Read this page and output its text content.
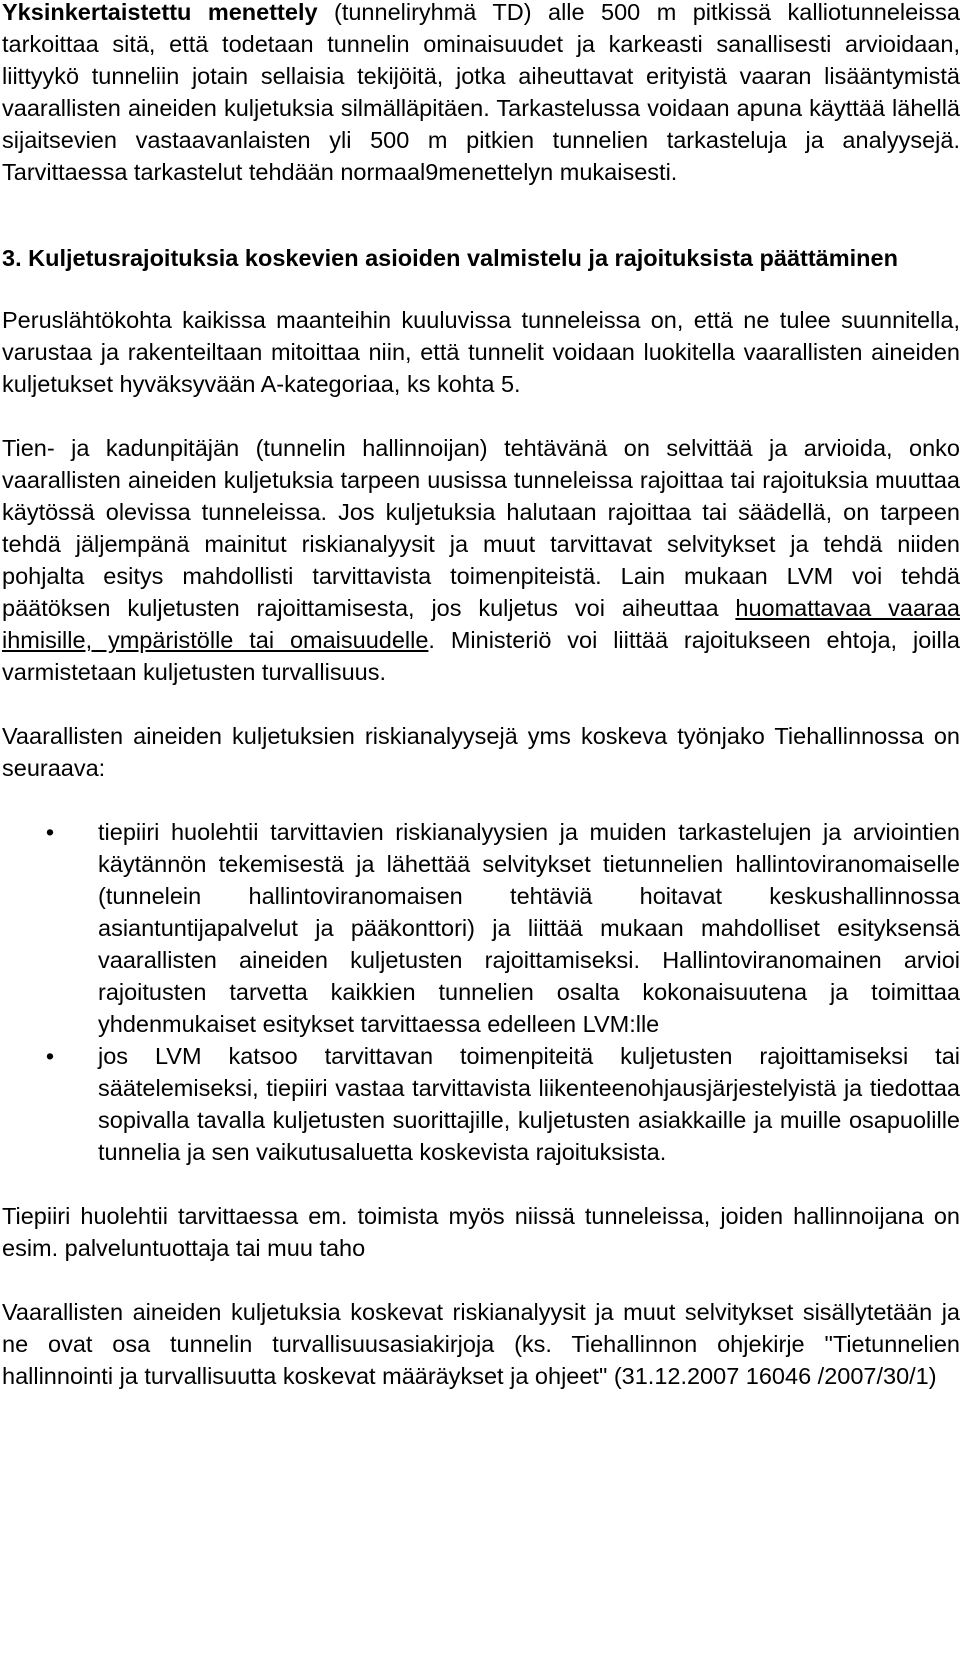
Yksinkertaistettu menettely (tunneliryhmä TD) alle 500 m pitkissä kalliotunneleissa tarkoittaa sitä, että todetaan tunnelin ominaisuudet ja karkeasti sanallisesti arvioidaan, liittyykö tunneliin jotain sellaisia tekijöitä, jotka aiheuttavat erityistä vaaran lisääntymistä vaarallisten aineiden kuljetuksia silmälläpitäen. Tarkastelussa voidaan apuna käyttää lähellä sijaitsevien vastaavanlaisten yli 500 m pitkien tunnelien tarkasteluja ja analyysejä. Tarvittaessa tarkastelut tehdään normaal9menettelyn mukaisesti.

3. Kuljetusrajoituksia koskevien asioiden valmistelu ja rajoituksista päättäminen

Peruslähtökohta kaikissa maanteihin kuuluvissa tunneleissa on, että ne tulee suunnitella, varustaa ja rakenteiltaan mitoittaa niin, että tunnelit voidaan luokitella vaarallisten aineiden kuljetukset hyväksyvään A-kategoriaa, ks kohta 5.

Tien- ja kadunpitäjän (tunnelin hallinnoijan) tehtävänä on selvittää ja arvioida, onko vaarallisten aineiden kuljetuksia tarpeen uusissa tunneleissa rajoittaa tai rajoituksia muuttaa käytössä olevissa tunneleissa. Jos kuljetuksia halutaan rajoittaa tai säädellä, on tarpeen tehdä jäljempänä mainitut riskianalyysit ja muut tarvittavat selvitykset ja tehdä niiden pohjalta esitys mahdollisti tarvittavista toimenpiteistä. Lain mukaan LVM voi tehdä päätöksen kuljetusten rajoittamisesta, jos kuljetus voi aiheuttaa huomattavaa vaaraa ihmisille, ympäristölle tai omaisuudelle. Ministeriö voi liittää rajoitukseen ehtoja, joilla varmistetaan kuljetusten turvallisuus.

Vaarallisten aineiden kuljetuksien riskianalyysejä yms koskeva työnjako Tiehallinnossa on seuraava:

•	tiepiiri huolehtii tarvittavien riskianalyysien ja muiden tarkastelujen ja arviointien käytännön tekemisestä ja lähettää selvitykset tietunnelien hallintoviranomaiselle (tunnelein hallintoviranomaisen tehtäviä hoitavat keskushallinnossa asiantuntijapalvelut ja pääkonttori) ja liittää mukaan mahdolliset esityksensä vaarallisten aineiden kuljetusten rajoittamiseksi. Hallintoviranomainen arvioi rajoitusten tarvetta kaikkien tunnelien osalta kokonaisuutena ja toimittaa yhdenmukaiset esitykset tarvittaessa edelleen LVM:lle
•	jos LVM katsoo tarvittavan toimenpiteitä kuljetusten rajoittamiseksi tai säätelemiseksi, tiepiiri vastaa tarvittavista liikenteenohjausjärjestelyistä ja tiedottaa sopivalla tavalla kuljetusten suorittajille, kuljetusten asiakkaille ja muille osapuolille tunnelia ja sen vaikutusaluetta koskevista rajoituksista.

Tiepiiri huolehtii tarvittaessa em. toimista myös niissä tunneleissa, joiden hallinnoijana on esim. palveluntuottaja tai muu taho

Vaarallisten aineiden kuljetuksia koskevat riskianalyysit ja muut selvitykset sisällytetään ja ne ovat osa tunnelin turvallisuusasiakirjoja (ks. Tiehallinnon ohjekirje "Tietunnelien hallinnointi ja turvallisuutta koskevat määräykset ja ohjeet" (31.12.2007 16046 /2007/30/1)
